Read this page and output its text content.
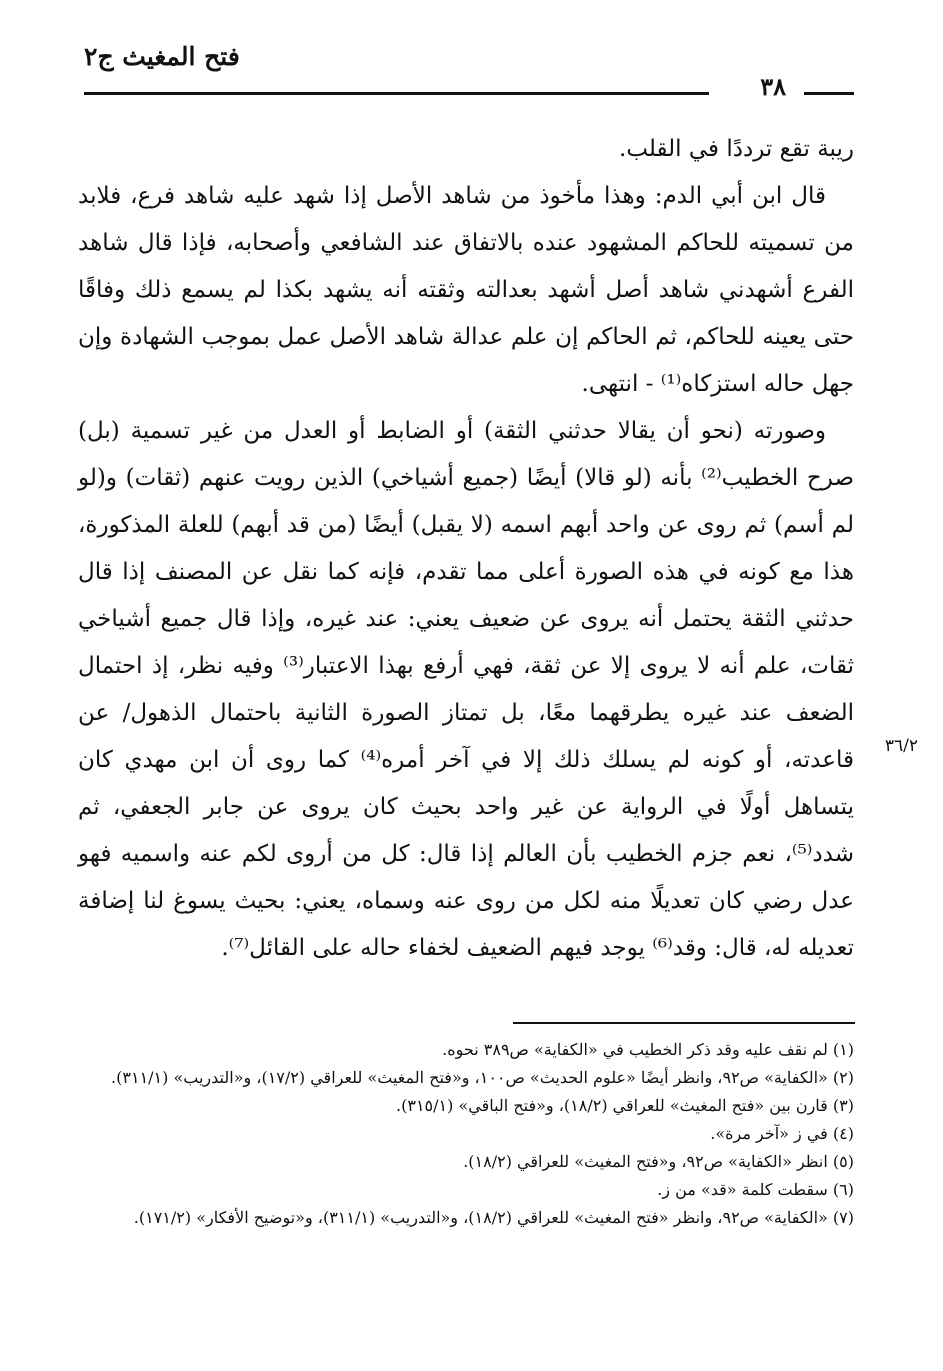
فتح المغيث ج٢
٣٨

ريبة تقع ترددًا في القلب.

قال ابن أبي الدم: وهذا مأخوذ من شاهد الأصل إذا شهد عليه شاهد فرع، فلابد من تسميته للحاكم المشهود عنده بالاتفاق عند الشافعي وأصحابه، فإذا قال شاهد الفرع أشهدني شاهد أصل أشهد بعدالته وثقته أنه يشهد بكذا لم يسمع ذلك وفاقًا حتى يعينه للحاكم، ثم الحاكم إن علم عدالة شاهد الأصل عمل بموجب الشهادة وإن جهل حاله استزكاه⁽¹⁾ - انتهى.

وصورته (نحو أن يقالا حدثني الثقة) أو الضابط أو العدل من غير تسمية (بل) صرح الخطيب⁽²⁾ بأنه (لو قالا) أيضًا (جميع أشياخي) الذين رويت عنهم (ثقات) و(لو لم أسم) ثم روى عن واحد أبهم اسمه (لا يقبل) أيضًا (من قد أبهم) للعلة المذكورة، هذا مع كونه في هذه الصورة أعلى مما تقدم، فإنه كما نقل عن المصنف إذا قال حدثني الثقة يحتمل أنه يروى عن ضعيف يعني: عند غيره، وإذا قال جميع أشياخي ثقات، علم أنه لا يروى إلا عن ثقة، فهي أرفع بهذا الاعتبار⁽³⁾ وفيه نظر، إذ احتمال الضعف عند غيره يطرقهما معًا، بل تمتاز الصورة الثانية باحتمال الذهول/ عن قاعدته، أو كونه لم يسلك ذلك إلا في آخر أمره⁽⁴⁾ كما روى أن ابن مهدي كان يتساهل أولًا في الرواية عن غير واحد بحيث كان يروى عن جابر الجعفي، ثم شدد⁽⁵⁾، نعم جزم الخطيب بأن العالم إذا قال: كل من أروى لكم عنه واسميه فهو عدل رضي كان تعديلًا منه لكل من روى عنه وسماه، يعني: بحيث يسوغ لنا إضافة تعديله له، قال: وقد⁽⁶⁾ يوجد فيهم الضعيف لخفاء حاله على القائل⁽⁷⁾.

٣٦/٢

(١) لم نقف عليه وقد ذكر الخطيب في «الكفاية» ص٣٨٩ نحوه.

(٢) «الكفاية» ص٩٢، وانظر أيضًا «علوم الحديث» ص١٠٠، و«فتح المغيث» للعراقي (١٧/٢)، و«التدريب» (٣١١/١).

(٣) قارن بين «فتح المغيث» للعراقي (١٨/٢)، و«فتح الباقي» (٣١٥/١).

(٤) في ز «آخر مرة».

(٥) انظر «الكفاية» ص٩٢، و«فتح المغيث» للعراقي (١٨/٢).

(٦) سقطت كلمة «قد» من ز.

(٧) «الكفاية» ص٩٢، وانظر «فتح المغيث» للعراقي (١٨/٢)، و«التدريب» (٣١١/١)، و«توضيح الأفكار» (١٧١/٢).
